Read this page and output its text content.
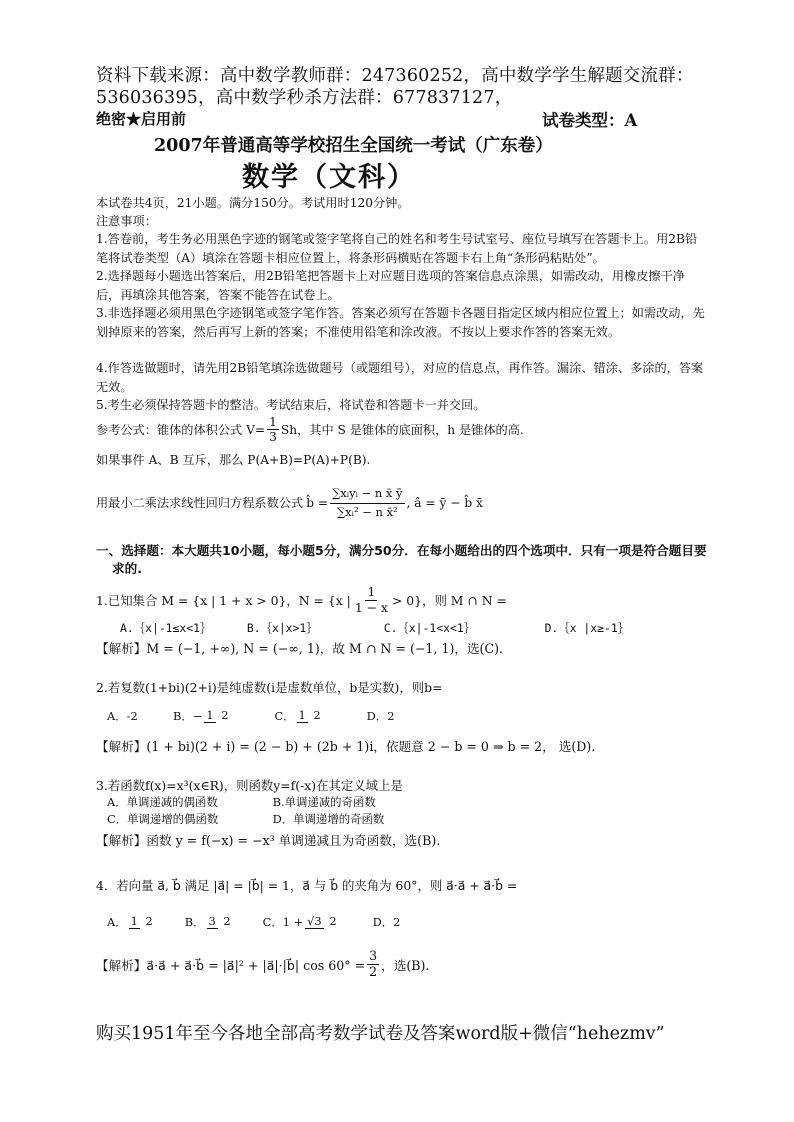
资料下载来源：高中数学教师群：247360252，高中数学学生解题交流群：
536036395，高中数学秒杀方法群：677837127，
绝密★启用前	试卷类型：A
2007年普通高等学校招生全国统一考试（广东卷）
数学（文科）
本试卷共4页，21小题。满分150分。考试用时120分钟。
注意事项：
1.答卷前，考生务必用黑色字迹的钢笔或签字笔将自己的姓名和考生号试室号、座位号填写在答题卡上。用2B铅笔将试卷类型（A）填涂在答题卡相应位置上，将条形码横贴在答题卡右上角“条形码粘贴处”。
2.选择题每小题选出答案后，用2B铅笔把答题卡上对应题目选项的答案信息点涂黑，如需改动，用橡皮擦干净后，再填涂其他答案，答案不能答在试卷上。
3.非选择题必须用黑色字迹钢笔或签字笔作答。答案必须写在答题卡各题目指定区域内相应位置上；如需改动，先划掉原来的答案，然后再写上新的答案；不准使用铅笔和涂改液。不按以上要求作答的答案无效。
4.作答选做题时，请先用2B铅笔填涂选做题号（或题组号），对应的信息点，再作答。漏涂、错涂、多涂的，答案无效。
5.考生必须保持答题卡的整洁。考试结束后，将试卷和答题卡一并交回。
参考公式：锥体的体积公式 $V= \frac{1}{3}$ Sh，其中 S 是锥体的底面积，h 是锥体的高.
如果事件 A、B 互斥，那么 P(A+B)=P(A)+P(B).
用最小二乘法求线性回归方程系数公式 b̂ = $\frac{\text{∑xᵢyᵢ − n x̄ ȳ}}{\text{∑xᵢ² − n x̄²}}$ , â = ȳ − b̂ x̄
一、选择题：本大题共10小题，每小题5分，满分50分．在每小题给出的四个选项中．只有一项是符合题目要
求的.
1.已知集合 M = {x | 1 + x > 0}，N = {x | $\frac{1}{1 - x} > 0$}，则 M ∩ N =
A.｛x|-1≤x<1｝	B.｛x|x>1｝	C.｛x|-1<x<1｝	D.｛x |x≥-1｝
【解析】M = (−1, +∞), N = (−∞, 1)，故 M ∩ N = (−1, 1)，选(C).
2.若复数(1+bi)(2+i)是纯虚数(i是虚数单位，b是实数)，则b=
A．-2	B．− 1 2	C． 1 2	D．2
【解析】(1 + bi)(2 + i) = (2 − b) + (2b + 1)i，依题意 2 − b = 0 ⇒ b = 2， 选(D).
3.若函数f(x)=x³(x∈R)，则函数y=f(-x)在其定义域上是
A．单调递减的偶函数	B.单调递减的奇函数
C．单调递增的偶函数	D．单调递增的奇函数
【解析】函数 y = f(−x) = −x³ 单调递减且为奇函数，选(B).
4．若向量 a⃗, b⃗ 满足 |a⃗| = |b⃗| = 1，a⃗ 与 b⃗ 的夹角为 60°，则 a⃗·a⃗ + a⃗·b⃗ =
A． 1 2	B． 3 2	C．1 + √3 2	D．2
【解析】a⃗·a⃗ + a⃗·b⃗ = |a⃗|² + |a⃗|·|b⃗| $\cos 60^\circ = \frac{3}{2}$ ，选(B).
购买1951年至今各地全部高考数学试卷及答案word版+微信“hehezmv”
